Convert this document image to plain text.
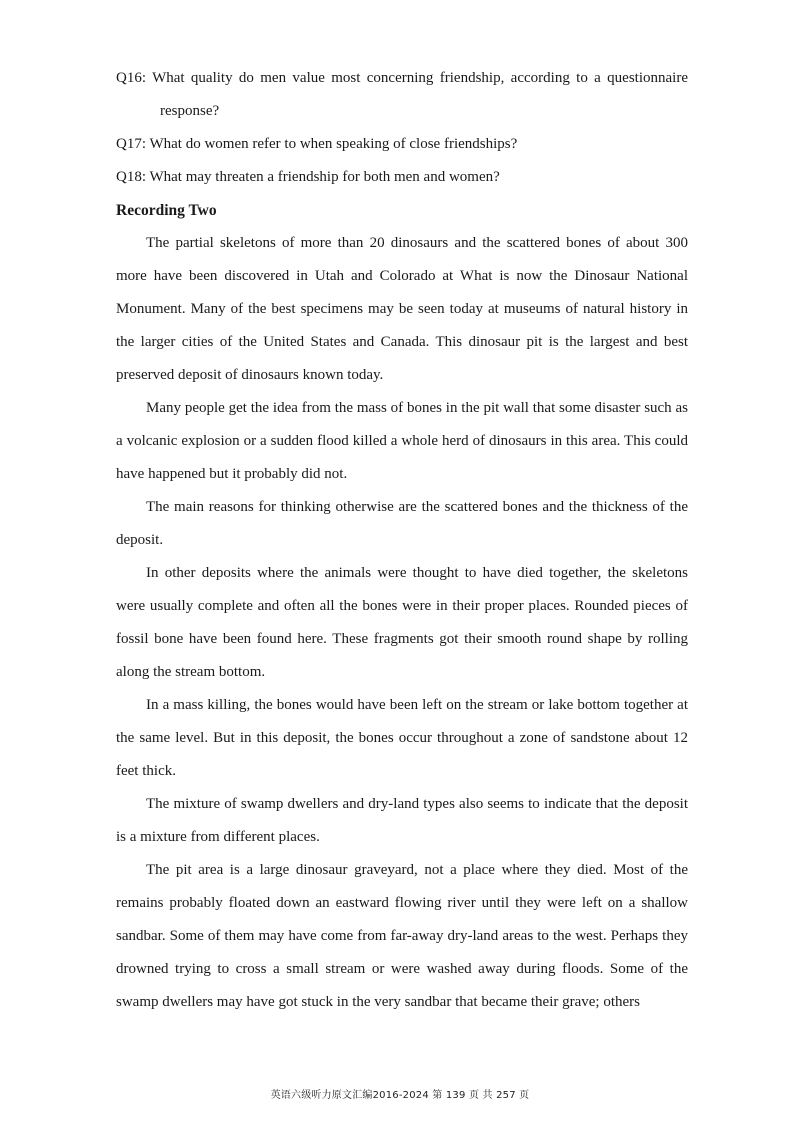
Q16: What quality do men value most concerning friendship, according to a questionnaire response?

Q17: What do women refer to when speaking of close friendships?

Q18: What may threaten a friendship for both men and women?

Recording Two

The partial skeletons of more than 20 dinosaurs and the scattered bones of about 300 more have been discovered in Utah and Colorado at What is now the Dinosaur National Monument. Many of the best specimens may be seen today at museums of natural history in the larger cities of the United States and Canada. This dinosaur pit is the largest and best preserved deposit of dinosaurs known today.

Many people get the idea from the mass of bones in the pit wall that some disaster such as a volcanic explosion or a sudden flood killed a whole herd of dinosaurs in this area. This could have happened but it probably did not.

The main reasons for thinking otherwise are the scattered bones and the thickness of the deposit.

In other deposits where the animals were thought to have died together, the skeletons were usually complete and often all the bones were in their proper places. Rounded pieces of fossil bone have been found here. These fragments got their smooth round shape by rolling along the stream bottom.

In a mass killing, the bones would have been left on the stream or lake bottom together at the same level. But in this deposit, the bones occur throughout a zone of sandstone about 12 feet thick.

The mixture of swamp dwellers and dry-land types also seems to indicate that the deposit is a mixture from different places.

The pit area is a large dinosaur graveyard, not a place where they died. Most of the remains probably floated down an eastward flowing river until they were left on a shallow sandbar. Some of them may have come from far-away dry-land areas to the west. Perhaps they drowned trying to cross a small stream or were washed away during floods. Some of the swamp dwellers may have got stuck in the very sandbar that became their grave; others

英语六级听力原文汇编2016-2024 第 139 页 共 257 页
